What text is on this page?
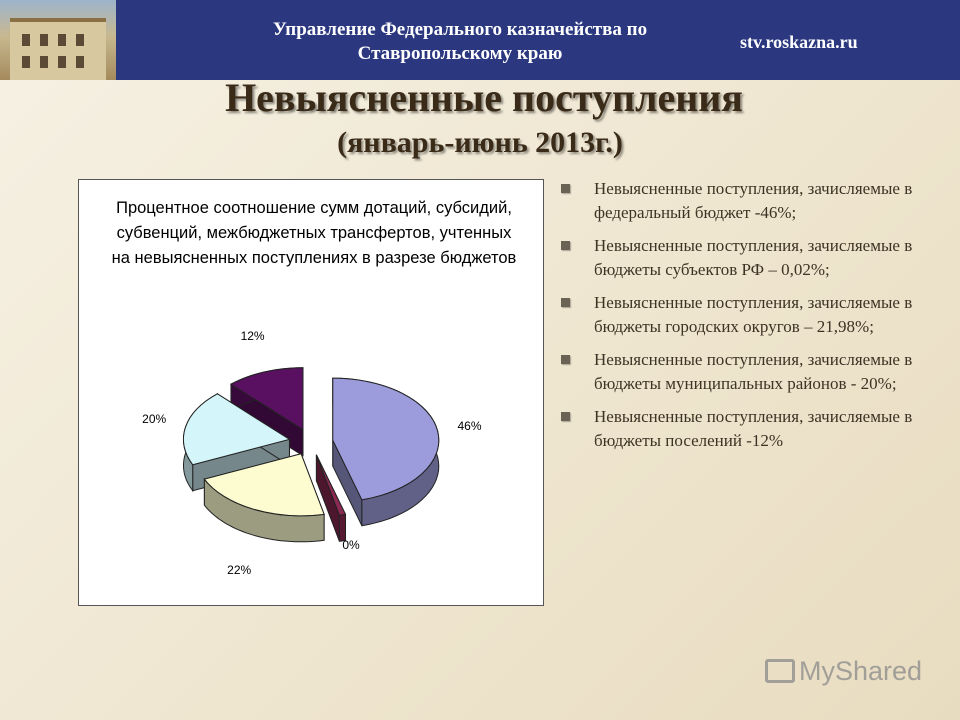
Управление Федерального казначейства по Ставропольскому краю
stv.roskazna.ru
Невыясненные поступления
(январь-июнь 2013г.)
Процентное соотношение сумм дотаций, субсидий, субвенций, межбюджетных трансфертов, учтенных на невыясненных поступлениях в разрезе бюджетов
46%
0%
22%
20%
12%
Невыясненные поступления, зачисляемые в федеральный бюджет -46%;
Невыясненные поступления, зачисляемые в бюджеты субъектов РФ – 0,02%;
Невыясненные поступления, зачисляемые в бюджеты городских округов – 21,98%;
Невыясненные поступления, зачисляемые в бюджеты муниципальных районов - 20%;
Невыясненные поступления, зачисляемые в бюджеты поселений -12%
MyShared
